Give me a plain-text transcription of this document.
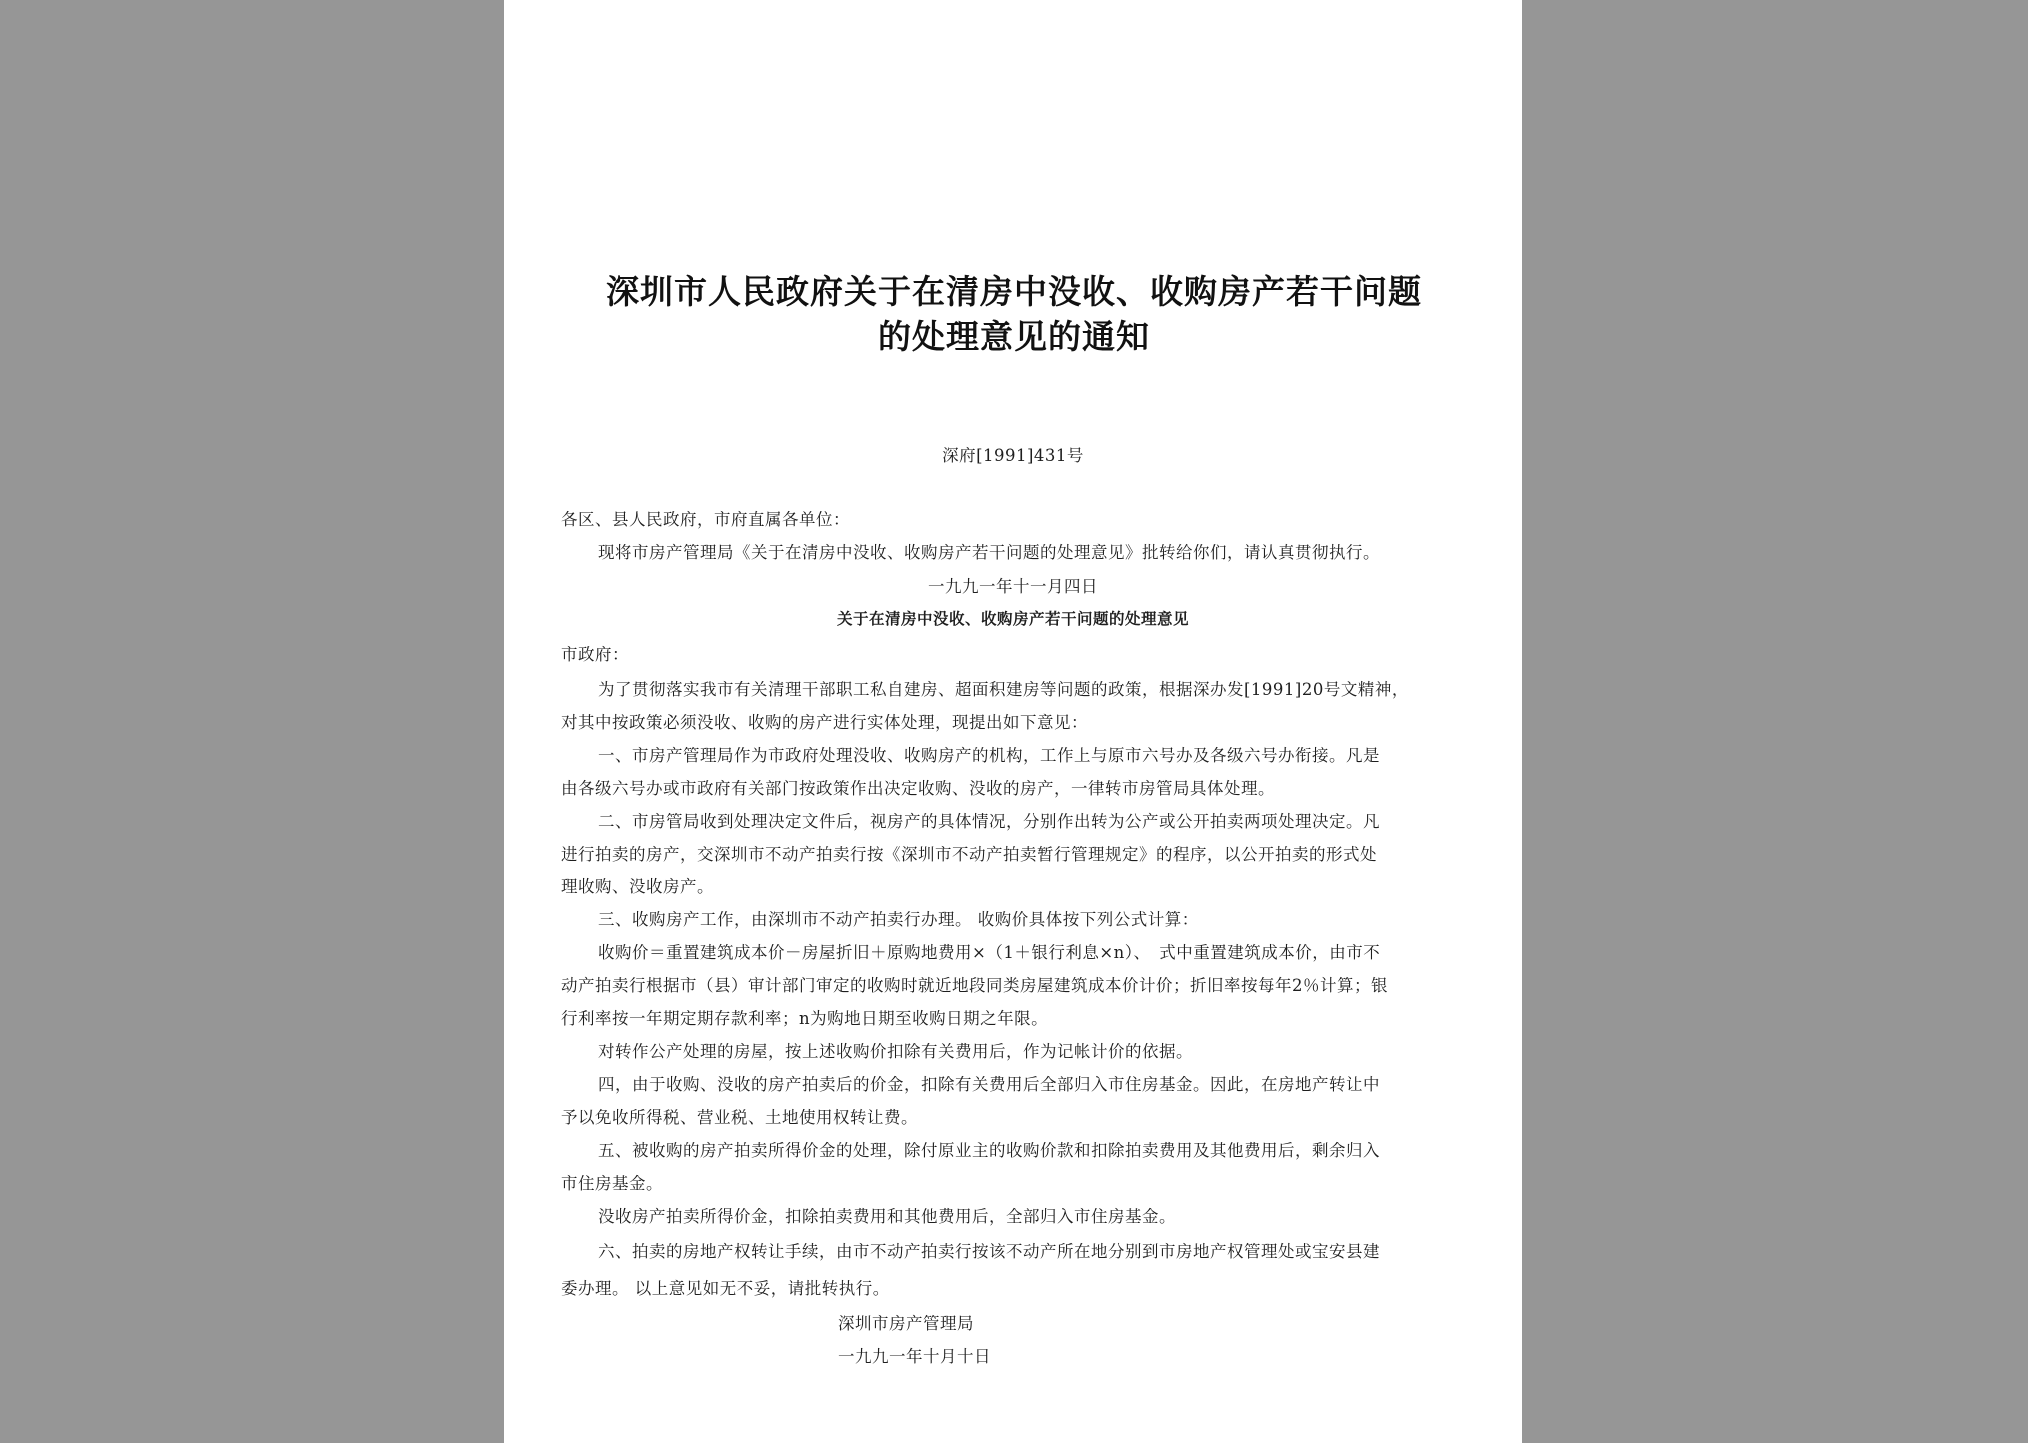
深圳市人民政府关于在清房中没收、收购房产若干问题
的处理意见的通知
深府[1991]431号
各区、县人民政府，市府直属各单位：
现将市房产管理局《关于在清房中没收、收购房产若干问题的处理意见》批转给你们，请认真贯彻执行。
一九九一年十一月四日
关于在清房中没收、收购房产若干问题的处理意见
市政府：
为了贯彻落实我市有关清理干部职工私自建房、超面积建房等问题的政策，根据深办发[1991]20号文精神，
对其中按政策必须没收、收购的房产进行实体处理，现提出如下意见：
一、市房产管理局作为市政府处理没收、收购房产的机构，工作上与原市六号办及各级六号办衔接。凡是
由各级六号办或市政府有关部门按政策作出决定收购、没收的房产，一律转市房管局具体处理。
二、市房管局收到处理决定文件后，视房产的具体情况，分别作出转为公产或公开拍卖两项处理决定。凡
进行拍卖的房产，交深圳市不动产拍卖行按《深圳市不动产拍卖暂行管理规定》的程序，以公开拍卖的形式处
理收购、没收房产。
三、收购房产工作，由深圳市不动产拍卖行办理。 收购价具体按下列公式计算：
收购价＝重置建筑成本价－房屋折旧＋原购地费用×（1＋银行利息×n）、　式中重置建筑成本价，由市不
动产拍卖行根据市（县）审计部门审定的收购时就近地段同类房屋建筑成本价计价；折旧率按每年2％计算；银
行利率按一年期定期存款利率；n为购地日期至收购日期之年限。
对转作公产处理的房屋，按上述收购价扣除有关费用后，作为记帐计价的依据。
四，由于收购、没收的房产拍卖后的价金，扣除有关费用后全部归入市住房基金。因此，在房地产转让中
予以免收所得税、营业税、土地使用权转让费。
五、被收购的房产拍卖所得价金的处理，除付原业主的收购价款和扣除拍卖费用及其他费用后，剩余归入
市住房基金。
没收房产拍卖所得价金，扣除拍卖费用和其他费用后，全部归入市住房基金。
六、拍卖的房地产权转让手续，由市不动产拍卖行按该不动产所在地分别到市房地产权管理处或宝安县建
委办理。 以上意见如无不妥，请批转执行。
深圳市房产管理局
一九九一年十月十日
